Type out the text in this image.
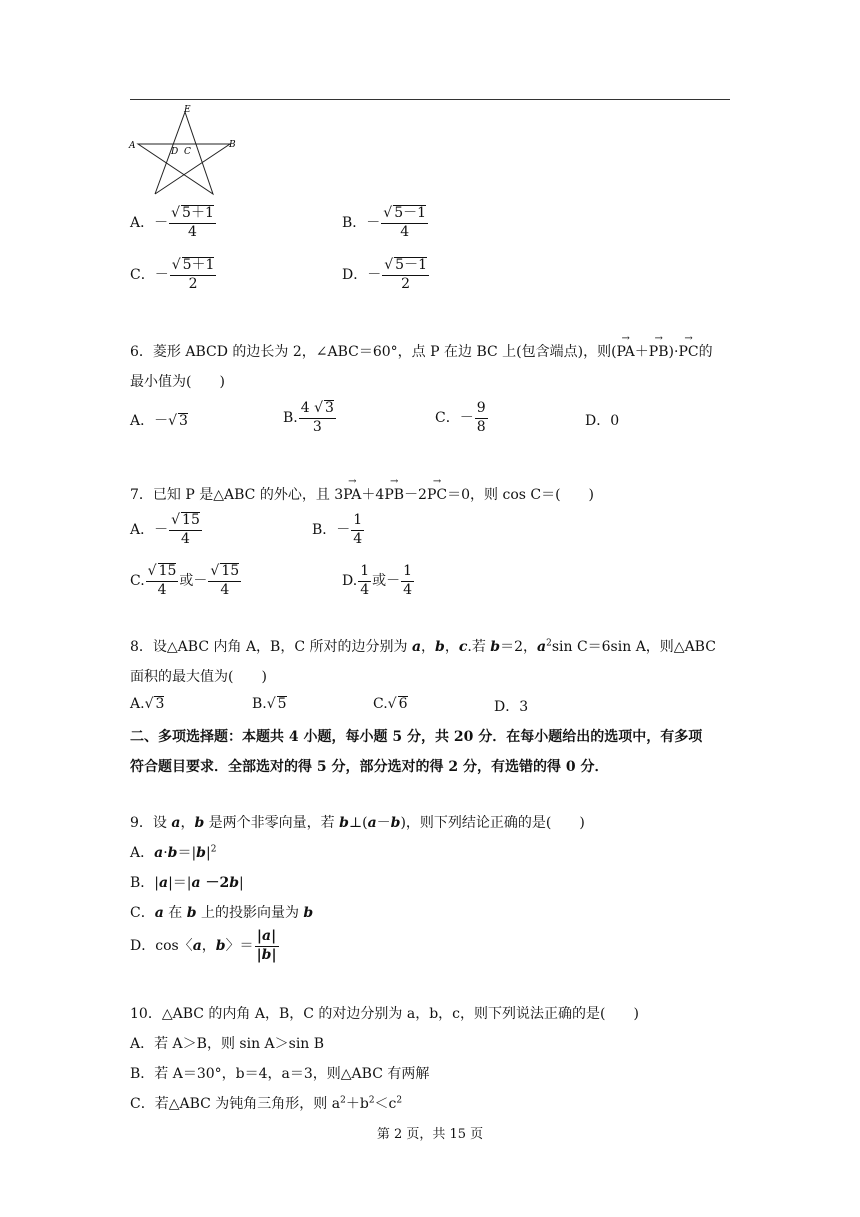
E
A	B
D C
A．－ $\frac{√ 5+1}{4}$	B．－ $\frac{√ 5-1}{4}$
C．－ $\frac{√ 5+1}{2}$	D．－ $\frac{√ 5-1}{2}$
6．菱形 ABCD 的边长为 2，∠ABC＝60°，点 P 在边 BC 上(包含端点)，则(→ PA＋→ PB)·→ PC的
最小值为(　　)
A．－√ 3	B. $\frac{4 √ 3}{3}$	C．－ $\frac{9}{8}$	D．0
7．已知 P 是△ABC 的外心，且 3→ PA＋4→ PB－2→ PC＝0，则 cos C＝(　　)
A．－ $\frac{√ 15}{4}$	B．－ $\frac{1}{4}$
C. $\frac{√ 15}{4}$ 或－ $\frac{√ 15}{4}$	D. $\frac{1}{4}$ 或－ $\frac{1}{4}$
8．设△ABC 内角 A，B，C 所对的边分别为 a，b，c.若 b＝2，$a^2\sin$ C＝6sin A，则△ABC
面积的最大值为(　　)
A.√ 3	B.√ 5	C.√ 6	D．3
二、多项选择题：本题共 4 小题，每小题 5 分，共 20 分．在每小题给出的选项中，有多项
符合题目要求．全部选对的得 5 分，部分选对的得 2 分，有选错的得 0 分．
9．设 a，b 是两个非零向量，若 b⊥(a－b)，则下列结论正确的是(　　)
A．$a\cdot b=|b|^2$
B．|a|＝|a －2b|
C．a 在 b 上的投影向量为 b
D．cos〈a，b〉＝ $\frac{|a|}{|b|}$
10．△ABC 的内角 A，B，C 的对边分别为 a，b，c，则下列说法正确的是(　　)
A．若 A＞B，则 sin A＞sin B
B．若 A＝30°，b＝4，a＝3，则△ABC 有两解
C．若△ABC 为钝角三角形，则 $a^2+b^2<c^2$
第 2 页，共 15 页
